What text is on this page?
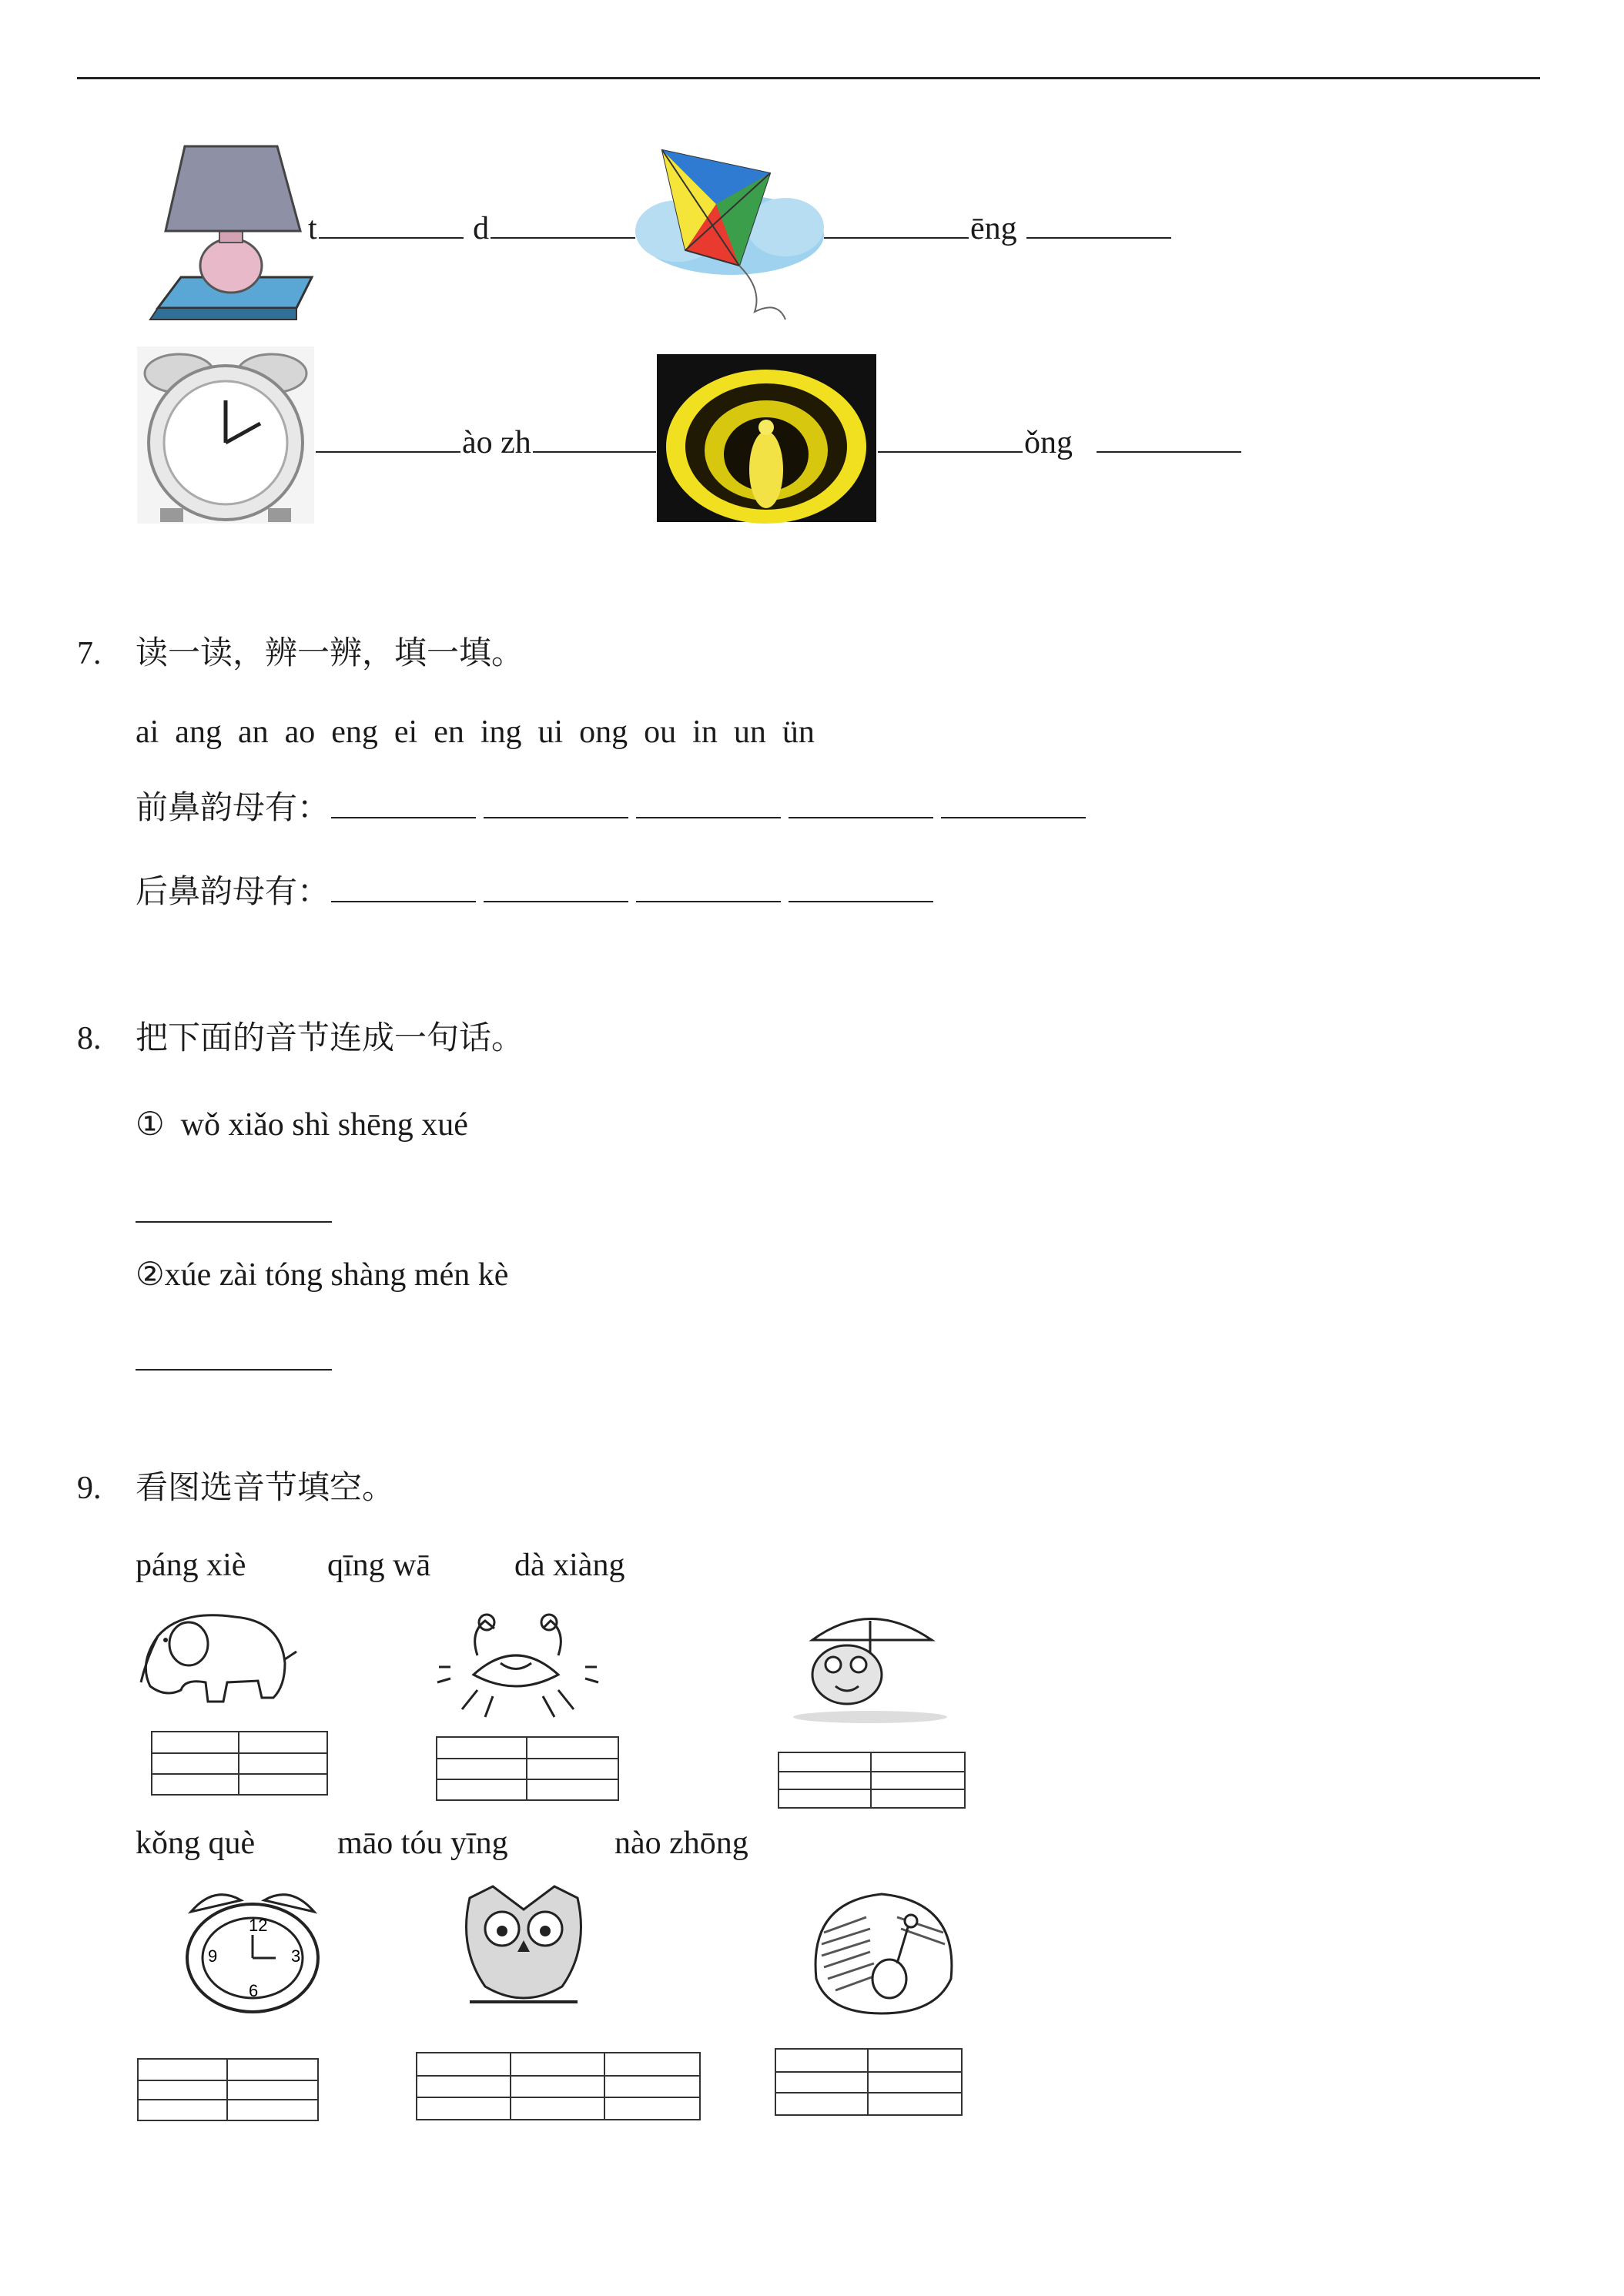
t	d	ēng
ào zh	ǒng
7. 读一读，辨一辨，填一填。
ai  ang  an  ao  eng  ei  en  ing  ui  ong  ou  in  un  ün
前鼻韵母有：
后鼻韵母有：
8. 把下面的音节连成一句话。
①  wǒ xiǎo shì shēng xué
②xúe zài tóng shàng mén kè
9. 看图选音节填空。
páng xiè	qīng wā	dà xiàng
kǒng què	māo tóu yīng	nào zhōng
12
3
6
9
